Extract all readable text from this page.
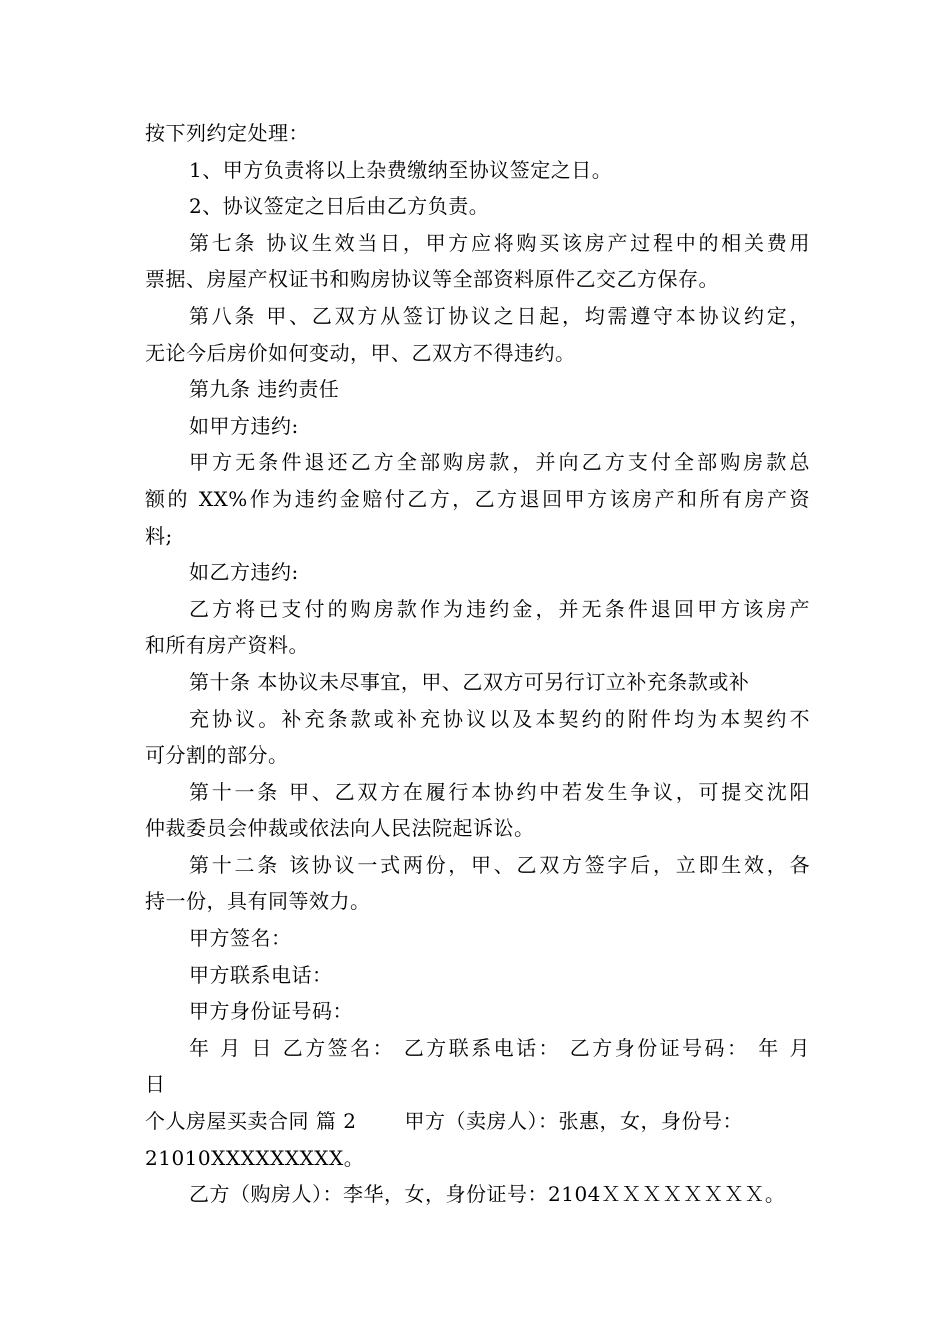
按下列约定处理：
1、甲方负责将以上杂费缴纳至协议签定之日。
2、协议签定之日后由乙方负责。
第七条 协议生效当日，甲方应将购买该房产过程中的相关费用
票据、房屋产权证书和购房协议等全部资料原件乙交乙方保存。
第八条 甲、乙双方从签订协议之日起，均需遵守本协议约定，
无论今后房价如何变动，甲、乙双方不得违约。
第九条 违约责任
如甲方违约:
甲方无条件退还乙方全部购房款，并向乙方支付全部购房款总
额的 XX%作为违约金赔付乙方，乙方退回甲方该房产和所有房产资
料;
如乙方违约:
乙方将已支付的购房款作为违约金，并无条件退回甲方该房产
和所有房产资料。
第十条 本协议未尽事宜，甲、乙双方可另行订立补充条款或补
充协议。补充条款或补充协议以及本契约的附件均为本契约不
可分割的部分。
第十一条 甲、乙双方在履行本协约中若发生争议，可提交沈阳
仲裁委员会仲裁或依法向人民法院起诉讼。
第十二条 该协议一式两份，甲、乙双方签字后，立即生效，各
持一份，具有同等效力。
甲方签名：
甲方联系电话：
甲方身份证号码：
年 月 日 乙方签名： 乙方联系电话： 乙方身份证号码： 年 月
日
个人房屋买卖合同 篇 2 甲方（卖房人）：张惠，女，身份号：
21010XXXXXXXXX。
乙方（购房人）：李华，女，身份证号：2104ＸＸＸＸＸＸＸＸ。
